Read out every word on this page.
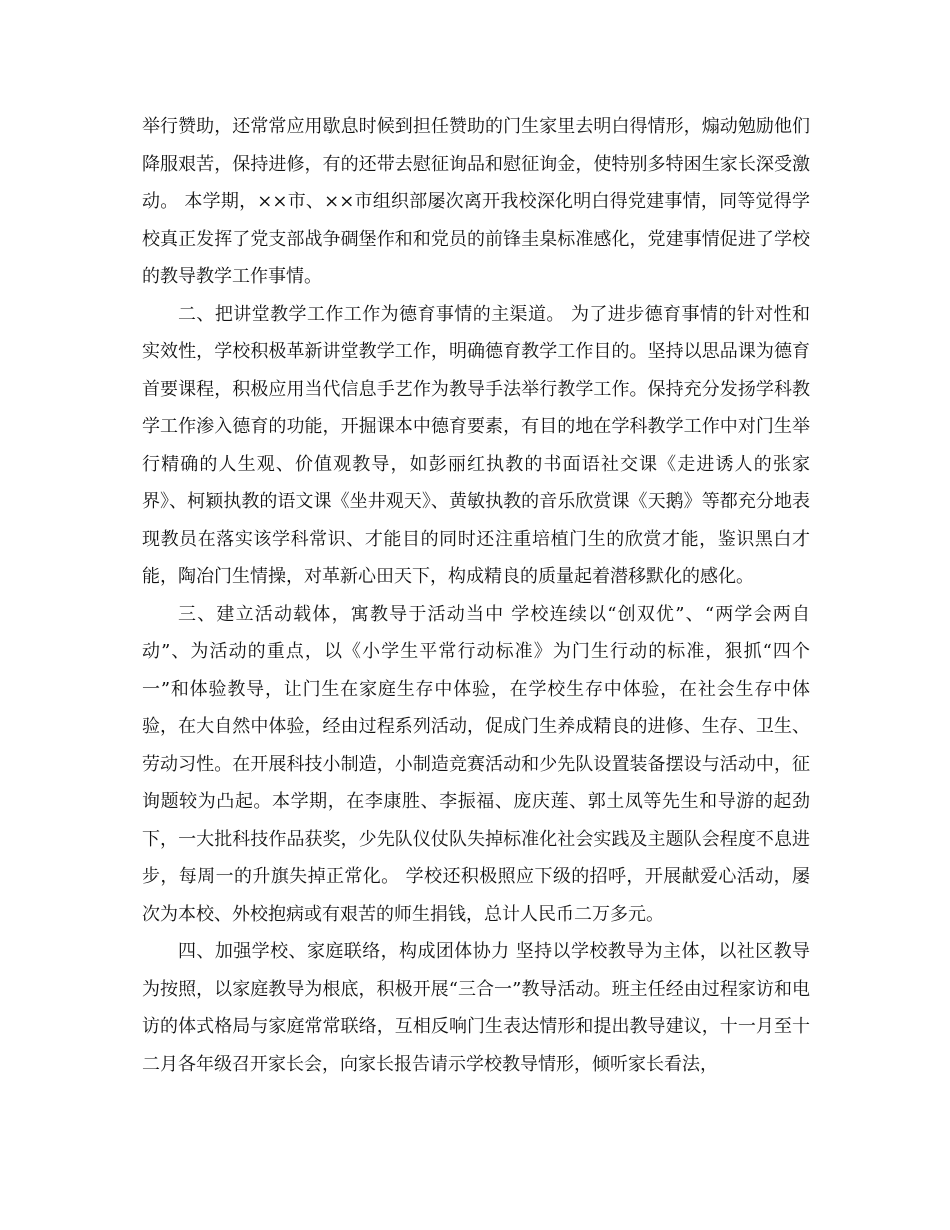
举行赞助，还常常应用歇息时候到担任赞助的门生家里去明白得情形，煽动勉励他们降服艰苦，保持进修，有的还带去慰征询品和慰征询金，使特别多特困生家长深受激动。 本学期，××市、××市组织部屡次离开我校深化明白得党建事情，同等觉得学校真正发挥了党支部战争碉堡作和和党员的前锋圭臬标准感化，党建事情促进了学校的教导教学工作事情。

二、把讲堂教学工作工作为德育事情的主渠道。 为了进步德育事情的针对性和实效性，学校积极革新讲堂教学工作，明确德育教学工作目的。坚持以思品课为德育首要课程，积极应用当代信息手艺作为教导手法举行教学工作。保持充分发扬学科教学工作渗入德育的功能，开掘课本中德育要素，有目的地在学科教学工作中对门生举行精确的人生观、价值观教导，如彭丽红执教的书面语社交课《走进诱人的张家界》、柯颖执教的语文课《坐井观天》、黄敏执教的音乐欣赏课《天鹅》等都充分地表现教员在落实该学科常识、才能目的同时还注重培植门生的欣赏才能，鉴识黑白才能，陶冶门生情操，对革新心田天下，构成精良的质量起着潜移默化的感化。

三、建立活动载体，寓教导于活动当中 学校连续以“创双优”、“两学会两自动”、为活动的重点，以《小学生平常行动标准》为门生行动的标准，狠抓“四个一”和体验教导，让门生在家庭生存中体验，在学校生存中体验，在社会生存中体验，在大自然中体验，经由过程系列活动，促成门生养成精良的进修、生存、卫生、劳动习性。在开展科技小制造，小制造竞赛活动和少先队设置装备摆设与活动中，征询题较为凸起。本学期，在李康胜、李振福、庞庆莲、郭土凤等先生和导游的起劲下，一大批科技作品获奖，少先队仪仗队失掉标准化社会实践及主题队会程度不息进步，每周一的升旗失掉正常化。 学校还积极照应下级的招呼，开展献爱心活动，屡次为本校、外校抱病或有艰苦的师生捐钱，总计人民币二万多元。

四、加强学校、家庭联络，构成团体协力 坚持以学校教导为主体，以社区教导为按照，以家庭教导为根底，积极开展“三合一”教导活动。班主任经由过程家访和电访的体式格局与家庭常常联络，互相反响门生表达情形和提出教导建议，十一月至十二月各年级召开家长会，向家长报告请示学校教导情形，倾听家长看法，
